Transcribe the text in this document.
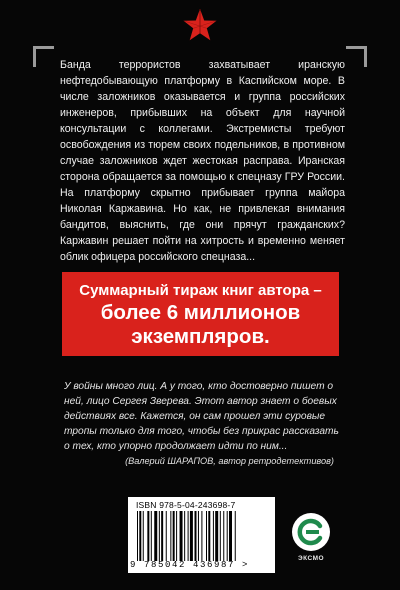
Банда террористов захватывает иранскую нефтедобывающую платформу в Каспийском море. В числе заложников оказывается и группа российских инженеров, прибывших на объект для научной консультации с коллегами. Экстремисты требуют освобождения из тюрем своих подельников, в противном случае заложников ждет жестокая расправа. Иранская сторона обращается за помощью к спецназу ГРУ России. На платформу скрытно прибывает группа майора Николая Каржавина. Но как, не привлекая внимания бандитов, выяснить, где они прячут гражданских? Каржавин решает пойти на хитрость и временно меняет облик офицера российского спецназа...

Суммарный тираж книг автора –
более 6 миллионов
экземпляров.

У войны много лиц. А у того, кто достоверно пишет о ней, лицо Сергея Зверева. Этот автор знает о боевых действиях все. Кажется, он сам прошел эти суровые тропы только для того, чтобы без прикрас рассказать о тех, кто упорно продолжает идти по ним...

(Валерий ШАРАПОВ, автор ретродетективов)
ISBN 978-5-04-243698-7
9 785042 436987 >
ЭКСМО
